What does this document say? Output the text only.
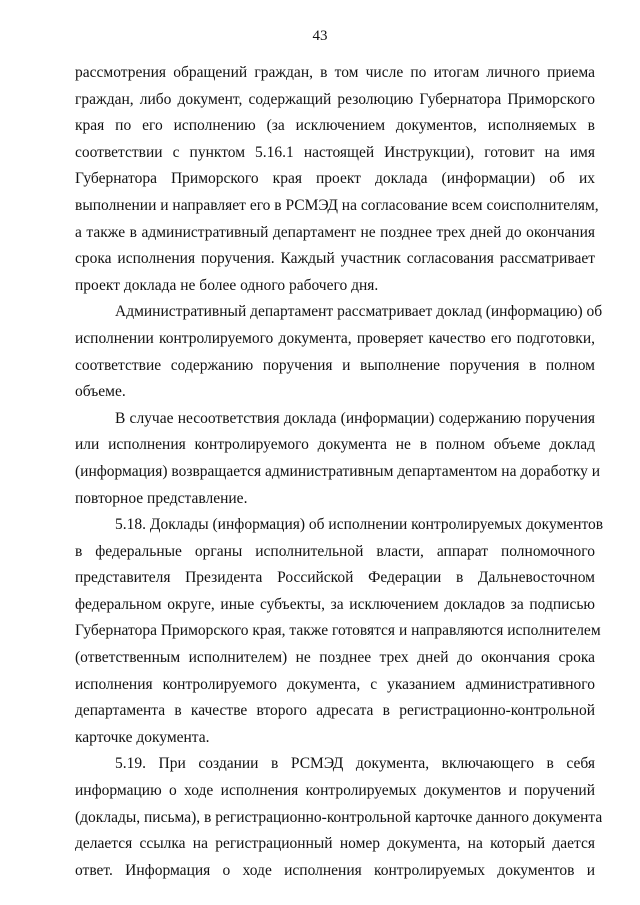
43
рассмотрения обращений граждан, в том числе по итогам личного приема
граждан, либо документ, содержащий резолюцию Губернатора Приморского
края по его исполнению (за исключением документов, исполняемых в
соответствии с пунктом 5.16.1 настоящей Инструкции), готовит на имя
Губернатора Приморского края проект доклада (информации) об их
выполнении и направляет его в РСМЭД на согласование всем соисполнителям,
а также в административный департамент не позднее трех дней до окончания
срока исполнения поручения. Каждый участник согласования рассматривает
проект доклада не более одного рабочего дня.
Административный департамент рассматривает доклад (информацию) об
исполнении контролируемого документа, проверяет качество его подготовки,
соответствие содержанию поручения и выполнение поручения в полном
объеме.
В случае несоответствия доклада (информации) содержанию поручения
или исполнения контролируемого документа не в полном объеме доклад
(информация) возвращается административным департаментом на доработку и
повторное представление.
5.18. Доклады (информация) об исполнении контролируемых документов
в федеральные органы исполнительной власти, аппарат полномочного
представителя Президента Российской Федерации в Дальневосточном
федеральном округе, иные субъекты, за исключением докладов за подписью
Губернатора Приморского края, также готовятся и направляются исполнителем
(ответственным исполнителем) не позднее трех дней до окончания срока
исполнения контролируемого документа, с указанием административного
департамента в качестве второго адресата в регистрационно-контрольной
карточке документа.
5.19. При создании в РСМЭД документа, включающего в себя
информацию о ходе исполнения контролируемых документов и поручений
(доклады, письма), в регистрационно-контрольной карточке данного документа
делается ссылка на регистрационный номер документа, на который дается
ответ. Информация о ходе исполнения контролируемых документов и
